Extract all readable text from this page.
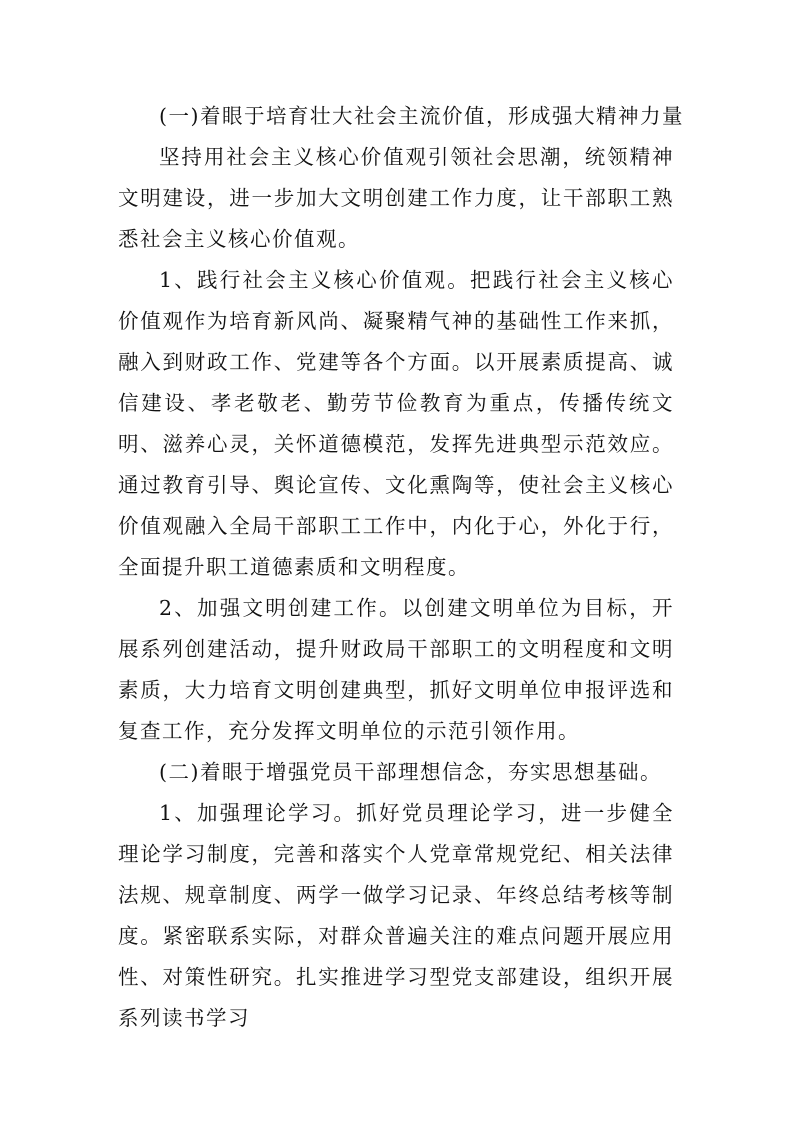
(一)着眼于培育壮大社会主流价值，形成强大精神力量

坚持用社会主义核心价值观引领社会思潮，统领精神文明建设，进一步加大文明创建工作力度，让干部职工熟悉社会主义核心价值观。

1、践行社会主义核心价值观。把践行社会主义核心价值观作为培育新风尚、凝聚精气神的基础性工作来抓，融入到财政工作、党建等各个方面。以开展素质提高、诚信建设、孝老敬老、勤劳节俭教育为重点，传播传统文明、滋养心灵，关怀道德模范，发挥先进典型示范效应。通过教育引导、舆论宣传、文化熏陶等，使社会主义核心价值观融入全局干部职工工作中，内化于心，外化于行，全面提升职工道德素质和文明程度。

2、加强文明创建工作。以创建文明单位为目标，开展系列创建活动，提升财政局干部职工的文明程度和文明素质，大力培育文明创建典型，抓好文明单位申报评选和复查工作，充分发挥文明单位的示范引领作用。

(二)着眼于增强党员干部理想信念，夯实思想基础。

1、加强理论学习。抓好党员理论学习，进一步健全理论学习制度，完善和落实个人党章常规党纪、相关法律法规、规章制度、两学一做学习记录、年终总结考核等制度。紧密联系实际，对群众普遍关注的难点问题开展应用性、对策性研究。扎实推进学习型党支部建设，组织开展系列读书学习
